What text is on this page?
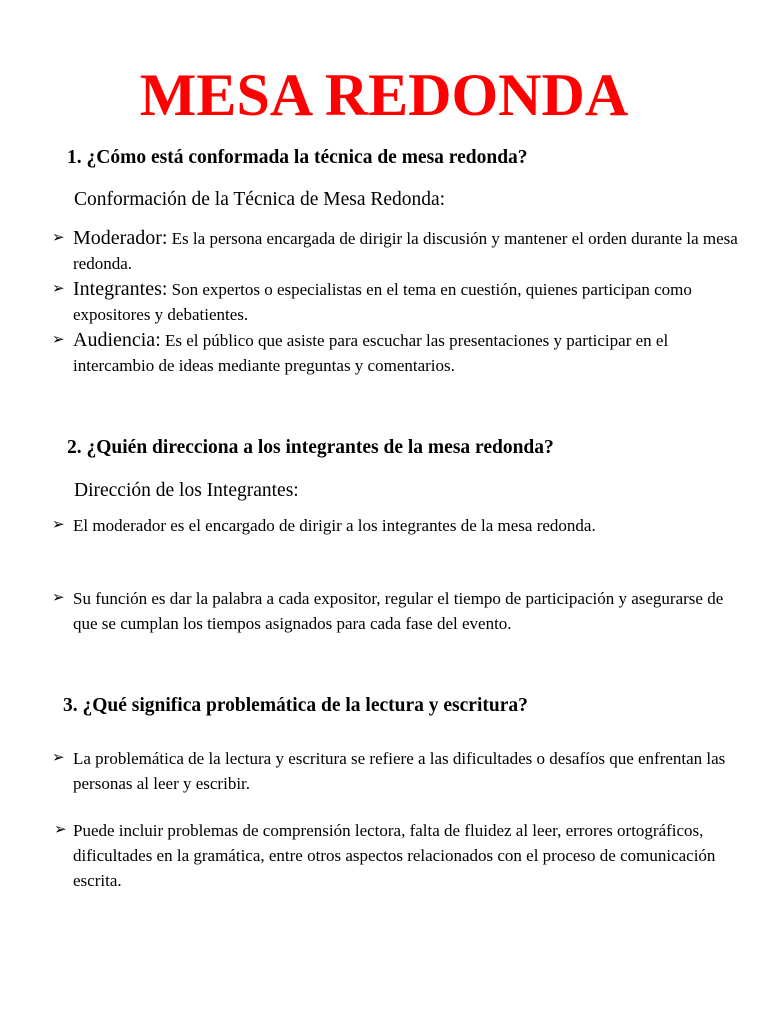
MESA REDONDA
1. ¿Cómo está conformada la técnica de mesa redonda?
Conformación de la Técnica de Mesa Redonda:
➢ Moderador: Es la persona encargada de dirigir la discusión y mantener el orden durante la mesa redonda.
➢ Integrantes: Son expertos o especialistas en el tema en cuestión, quienes participan como expositores y debatientes.
➢ Audiencia: Es el público que asiste para escuchar las presentaciones y participar en el intercambio de ideas mediante preguntas y comentarios.
2. ¿Quién direcciona a los integrantes de la mesa redonda?
Dirección de los Integrantes:
➢ El moderador es el encargado de dirigir a los integrantes de la mesa redonda.
➢ Su función es dar la palabra a cada expositor, regular el tiempo de participación y asegurarse de que se cumplan los tiempos asignados para cada fase del evento.
3. ¿Qué significa problemática de la lectura y escritura?
➢ La problemática de la lectura y escritura se refiere a las dificultades o desafíos que enfrentan las personas al leer y escribir.
➢ Puede incluir problemas de comprensión lectora, falta de fluidez al leer, errores ortográficos, dificultades en la gramática, entre otros aspectos relacionados con el proceso de comunicación escrita.
